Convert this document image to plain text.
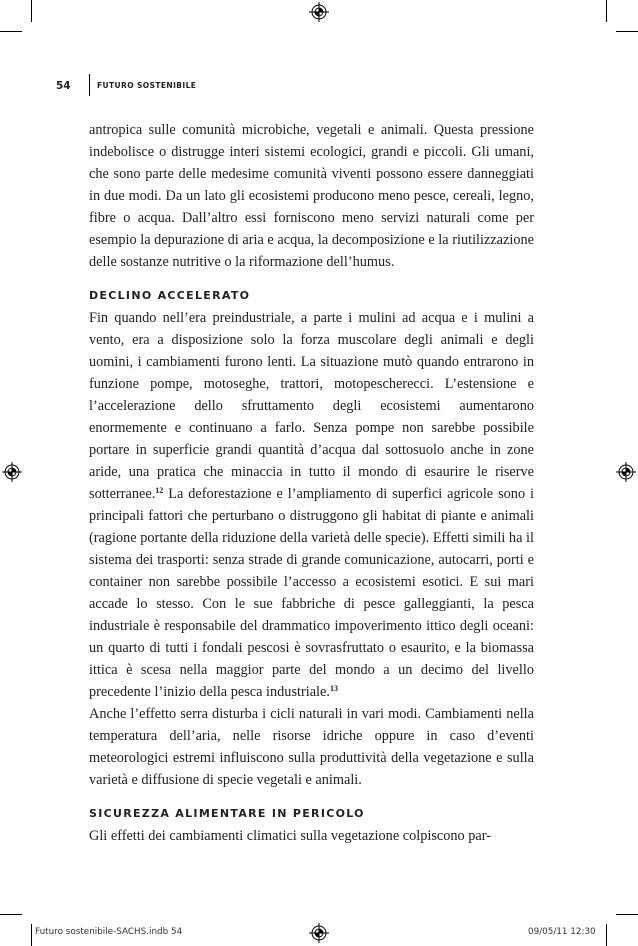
54	FUTURO SOSTENIBILE

antropica sulle comunità microbiche, vegetali e animali. Questa pressione indebolisce o distrugge interi sistemi ecologici, grandi e piccoli. Gli umani, che sono parte delle medesime comunità viventi possono essere danneggiati in due modi. Da un lato gli ecosistemi producono meno pesce, cereali, legno, fibre o acqua. Dall’altro essi forniscono meno servizi naturali come per esempio la depurazione di aria e acqua, la decomposizione e la riutilizzazione delle sostanze nutritive o la riformazione dell’humus.

DECLINO ACCELERATO

Fin quando nell’era preindustriale, a parte i mulini ad acqua e i mulini a vento, era a disposizione solo la forza muscolare degli animali e degli uomini, i cambiamenti furono lenti. La situazione mutò quando entrarono in funzione pompe, motoseghe, trattori, motopescherecci. L’estensione e l’accelerazione dello sfruttamento degli ecosistemi aumentarono enormemente e continuano a farlo. Senza pompe non sarebbe possibile portare in superficie grandi quantità d’acqua dal sottosuolo anche in zone aride, una pratica che minaccia in tutto il mondo di esaurire le riserve sotterranee.$^{12}$ La deforestazione e l’ampliamento di superfici agricole sono i principali fattori che perturbano o distruggono gli habitat di piante e animali (ragione portante della riduzione della varietà delle specie). Effetti simili ha il sistema dei trasporti: senza strade di grande comunicazione, autocarri, porti e container non sarebbe possibile l’accesso a ecosistemi esotici. E sui mari accade lo stesso. Con le sue fabbriche di pesce galleggianti, la pesca industriale è responsabile del drammatico impoverimento ittico degli oceani: un quarto di tutti i fondali pescosi è sovrasfruttato o esaurito, e la biomassa ittica è scesa nella maggior parte del mondo a un decimo del livello precedente l’inizio della pesca industriale.$^{13}$

Anche l’effetto serra disturba i cicli naturali in vari modi. Cambiamenti nella temperatura dell’aria, nelle risorse idriche oppure in caso d’eventi meteorologici estremi influiscono sulla produttività della vegetazione e sulla varietà e diffusione di specie vegetali e animali.

SICUREZZA ALIMENTARE IN PERICOLO

Gli effetti dei cambiamenti climatici sulla vegetazione colpiscono par-

Futuro sostenibile-SACHS.indb 54	09/05/11 12:30
